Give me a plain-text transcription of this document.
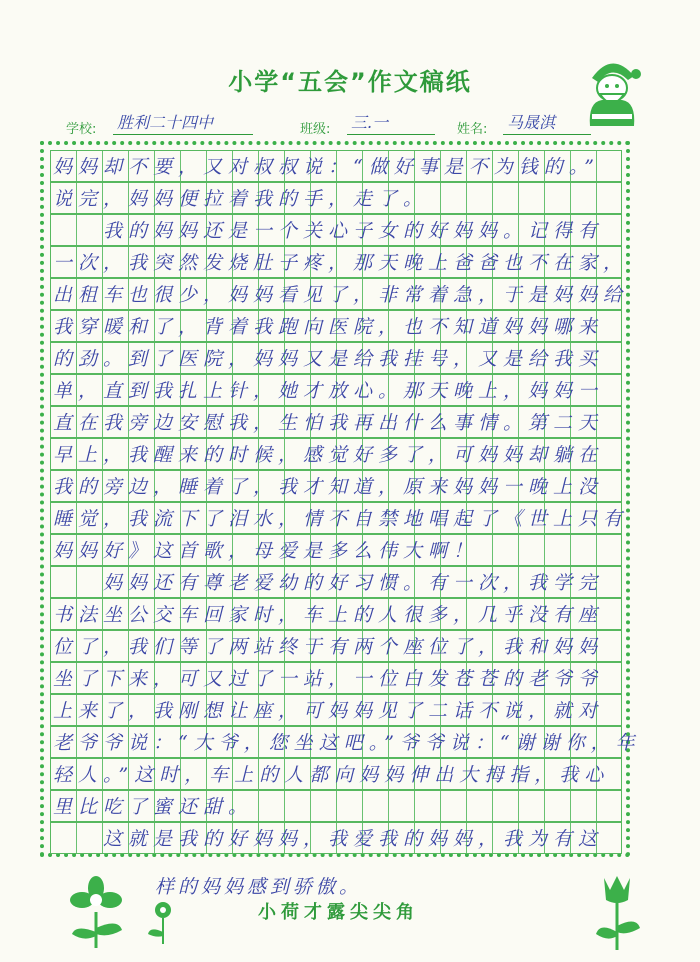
小学“五会”作文稿纸
学校: 胜利二十四中	班级: 三.一	姓名: 马晟淇
妈妈却不要，又对叔叔说：“做好事是不为钱的。”
说完，妈妈便拉着我的手，走了。
　　我的妈妈还是一个关心子女的好妈妈。记得有
一次，我突然发烧肚子疼，那天晚上爸爸也不在家，
出租车也很少，妈妈看见了，非常着急，于是妈妈给
我穿暖和了，背着我跑向医院，也不知道妈妈哪来
的劲。到了医院，妈妈又是给我挂号，又是给我买
单，直到我扎上针，她才放心。那天晚上，妈妈一
直在我旁边安慰我，生怕我再出什么事情。第二天
早上，我醒来的时候，感觉好多了，可妈妈却躺在
我的旁边，睡着了，我才知道，原来妈妈一晚上没
睡觉，我流下了泪水，情不自禁地唱起了《世上只有
妈妈好》这首歌，母爱是多么伟大啊！
　　妈妈还有尊老爱幼的好习惯。有一次，我学完
书法坐公交车回家时，车上的人很多，几乎没有座
位了，我们等了两站终于有两个座位了，我和妈妈
坐了下来，可又过了一站，一位白发苍苍的老爷爷
上来了，我刚想让座，可妈妈见了二话不说，就对
老爷爷说：“大爷，您坐这吧。”爷爷说：“谢谢你，年
轻人。”这时，车上的人都向妈妈伸出大拇指，我心
里比吃了蜜还甜。
　　这就是我的好妈妈，我爱我的妈妈，我为有这
样的妈妈感到骄傲。
小荷才露尖尖角
